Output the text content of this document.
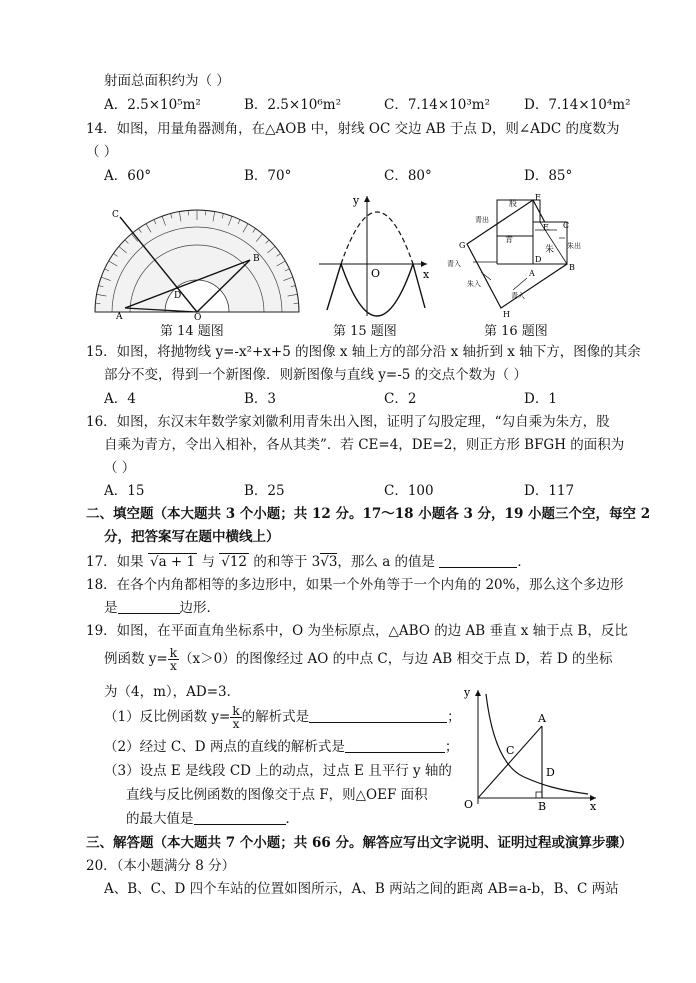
射面总面积约为（ ）
A．2.5×10⁵m²	B．2.5×10⁶m²	C．7.14×10³m²	D．7.14×10⁴m²
14．如图，用量角器测角，在△AOB 中，射线 OC 交边 AB 于点 D，则∠ADC 的度数为
（ ）
A．60°	B．70°	C．80°	D．85°
C
A	O
B
D
y
O	x
股
F
青出
E C
青
朱 朱出
G
D
青入
A
B
朱入
青入
H
第 14 题图	第 15 题图	第 16 题图
15．如图，将抛物线 y=-x²+x+5 的图像 x 轴上方的部分沿 x 轴折到 x 轴下方，图像的其余
部分不变，得到一个新图像．则新图像与直线 y=-5 的交点个数为（ ）
A．4	B．3	C．2	D．1
16．如图，东汉末年数学家刘徽利用青朱出入图，证明了勾股定理，“勾自乘为朱方，股
自乘为青方，令出入相补，各从其类”．若 CE=4，DE=2，则正方形 BFGH 的面积为
（ ）
A．15	B．25	C．100	D．117
二、填空题（本大题共 3 个小题；共 12 分。17～18 小题各 3 分，19 小题三个空，每空 2
分，把答案写在题中横线上）
17．如果 √a + 1 与 √12 的和等于 3√3，那么 a 的值是	．
18．在各个内角都相等的多边形中，如果一个外角等于一个内角的 20%，那么这个多边形
是	边形．
19．如图，在平面直角坐标系中，O 为坐标原点，△ABO 的边 AB 垂直 x 轴于点 B，反比
例函数 $y= \frac{k}{x} (x>0)$的图像经过 AO 的中点 C，与边 AB 相交于点 D，若 D 的坐标
为（4，m），AD=3．
（1）反比例函数 $y= \frac{k}{x}$ 的解析式是	；
（2）经过 C、D 两点的直线的解析式是	；
（3）设点 E 是线段 CD 上的动点，过点 E 且平行 y 轴的
直线与反比例函数的图像交于点 F，则△OEF 面积
的最大值是	．
y
A
C
D
O	B	x
三、解答题（本大题共 7 个小题；共 66 分。解答应写出文字说明、证明过程或演算步骤）
20．（本小题满分 8 分）
A、B、C、D 四个车站的位置如图所示，A、B 两站之间的距离 AB=a-b，B、C 两站
